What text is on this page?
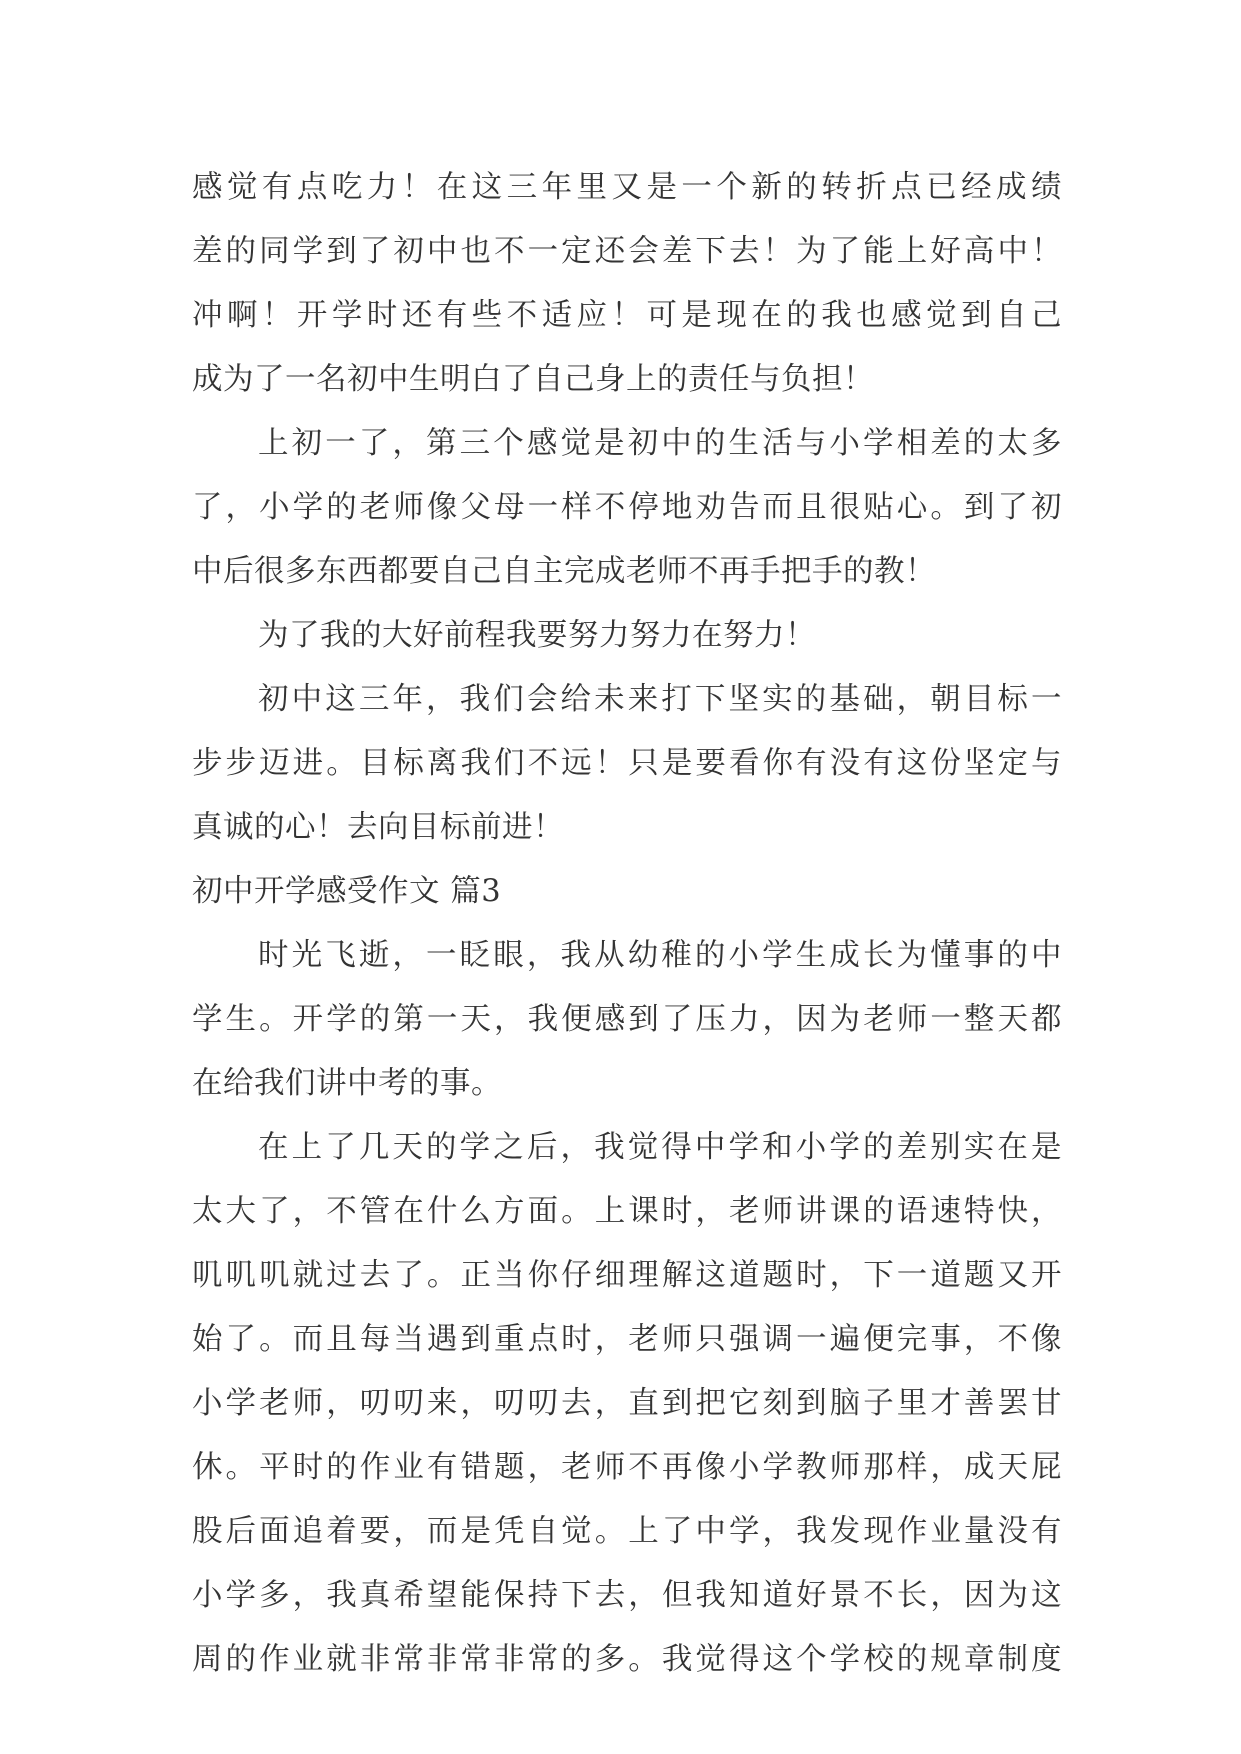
感觉有点吃力！在这三年里又是一个新的转折点已经成绩
差的同学到了初中也不一定还会差下去！为了能上好高中！
冲啊！开学时还有些不适应！可是现在的我也感觉到自己
成为了一名初中生明白了自己身上的责任与负担！
上初一了，第三个感觉是初中的生活与小学相差的太多
了，小学的老师像父母一样不停地劝告而且很贴心。到了初
中后很多东西都要自己自主完成老师不再手把手的教！
为了我的大好前程我要努力努力在努力！
初中这三年，我们会给未来打下坚实的基础，朝目标一
步步迈进。目标离我们不远！只是要看你有没有这份坚定与
真诚的心！去向目标前进！
初中开学感受作文 篇3
时光飞逝，一眨眼，我从幼稚的小学生成长为懂事的中
学生。开学的第一天，我便感到了压力，因为老师一整天都
在给我们讲中考的事。
在上了几天的学之后，我觉得中学和小学的差别实在是
太大了，不管在什么方面。上课时，老师讲课的语速特快，
叽叽叽就过去了。正当你仔细理解这道题时，下一道题又开
始了。而且每当遇到重点时，老师只强调一遍便完事，不像
小学老师，叨叨来，叨叨去，直到把它刻到脑子里才善罢甘
休。平时的作业有错题，老师不再像小学教师那样，成天屁
股后面追着要，而是凭自觉。上了中学，我发现作业量没有
小学多，我真希望能保持下去，但我知道好景不长，因为这
周的作业就非常非常非常的多。我觉得这个学校的规章制度
